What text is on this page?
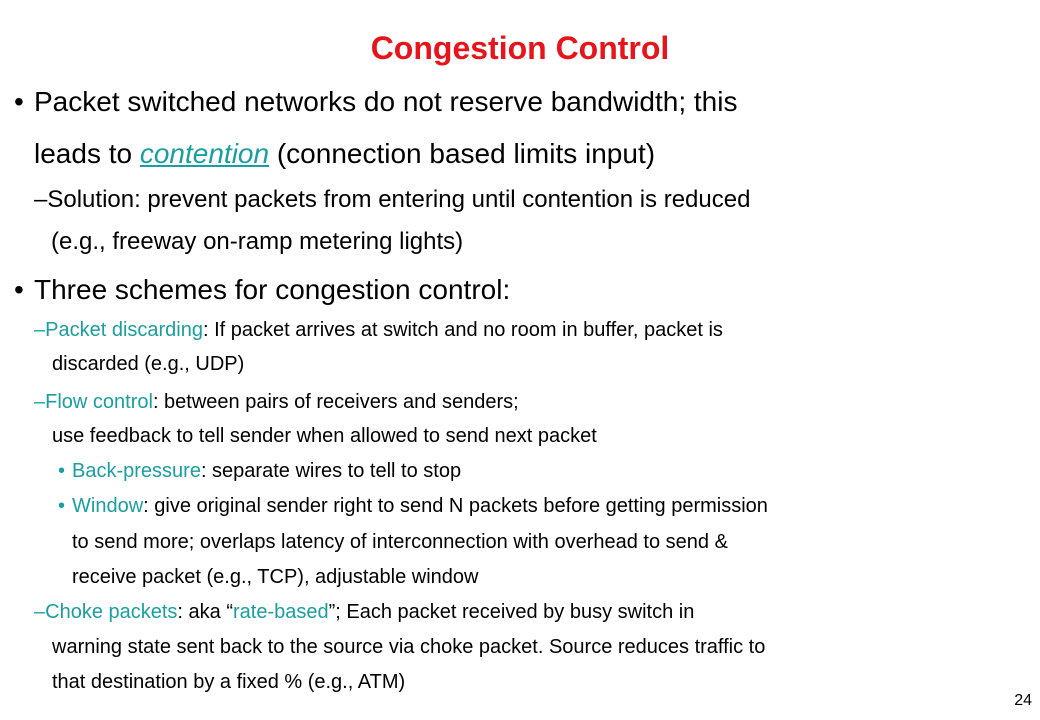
Congestion Control
• Packet switched networks do not reserve bandwidth; this
leads to contention (connection based limits input)
–Solution: prevent packets from entering until contention is reduced
(e.g., freeway on-ramp metering lights)
• Three schemes for congestion control:
–Packet discarding: If packet arrives at switch and no room in buffer, packet is
discarded (e.g., UDP)
–Flow control: between pairs of receivers and senders;
use feedback to tell sender when allowed to send next packet
• Back-pressure: separate wires to tell to stop
• Window: give original sender right to send N packets before getting permission
to send more; overlaps latency of interconnection with overhead to send &
receive packet (e.g., TCP), adjustable window
–Choke packets: aka “rate-based”; Each packet received by busy switch in
warning state sent back to the source via choke packet. Source reduces traffic to
that destination by a fixed % (e.g., ATM)
24
